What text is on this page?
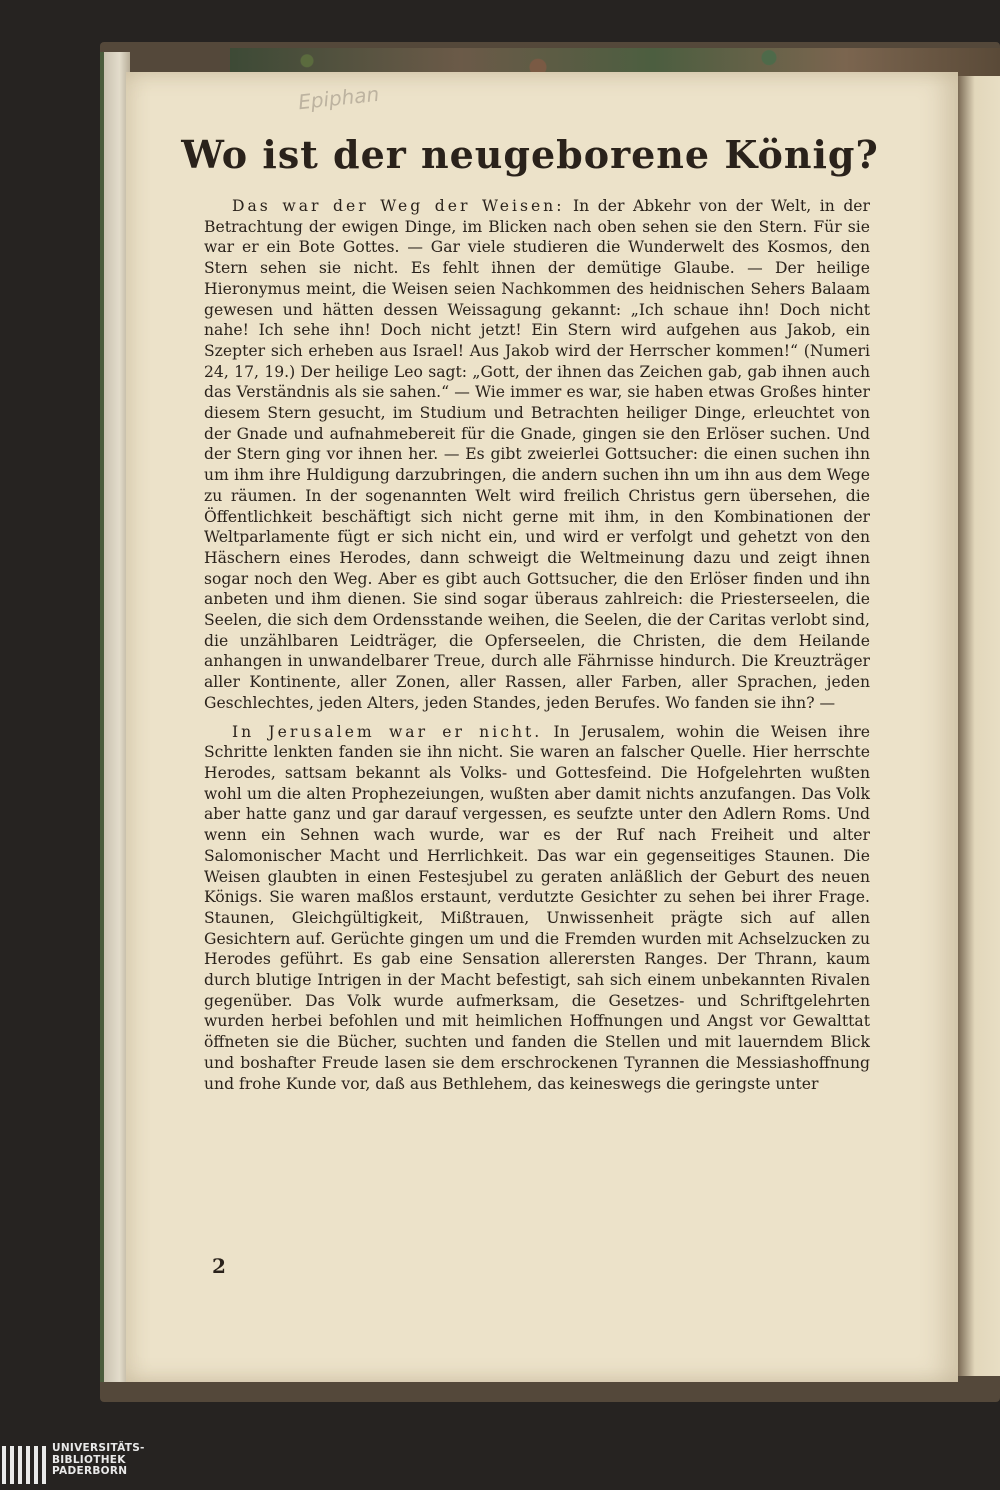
Epiphan
Wo ist der neugeborene König?

Das war der Weg der Weisen: In der Abkehr von der Welt, in der Betrachtung der ewigen Dinge, im Blicken nach oben sehen sie den Stern. Für sie war er ein Bote Gottes. — Gar viele studieren die Wunderwelt des Kosmos, den Stern sehen sie nicht. Es fehlt ihnen der demütige Glaube. — Der heilige Hieronymus meint, die Weisen seien Nachkommen des heidnischen Sehers Balaam gewesen und hätten dessen Weissagung gekannt: „Ich schaue ihn! Doch nicht nahe! Ich sehe ihn! Doch nicht jetzt! Ein Stern wird aufgehen aus Jakob, ein Szepter sich erheben aus Israel! Aus Jakob wird der Herrscher kommen!“ (Numeri 24, 17, 19.) Der heilige Leo sagt: „Gott, der ihnen das Zeichen gab, gab ihnen auch das Verständnis als sie sahen.“ — Wie immer es war, sie haben etwas Großes hinter diesem Stern gesucht, im Studium und Betrachten heiliger Dinge, erleuchtet von der Gnade und aufnahmebereit für die Gnade, gingen sie den Erlöser suchen. Und der Stern ging vor ihnen her. — Es gibt zweierlei Gottsucher: die einen suchen ihn um ihm ihre Huldigung darzubringen, die andern suchen ihn um ihn aus dem Wege zu räumen. In der sogenannten Welt wird freilich Christus gern übersehen, die Öffentlichkeit beschäftigt sich nicht gerne mit ihm, in den Kombinationen der Weltparlamente fügt er sich nicht ein, und wird er verfolgt und gehetzt von den Häschern eines Herodes, dann schweigt die Weltmeinung dazu und zeigt ihnen sogar noch den Weg. Aber es gibt auch Gottsucher, die den Erlöser finden und ihn anbeten und ihm dienen. Sie sind sogar überaus zahlreich: die Priesterseelen, die Seelen, die sich dem Ordensstande weihen, die Seelen, die der Caritas verlobt sind, die unzählbaren Leidträger, die Opferseelen, die Christen, die dem Heilande anhangen in unwandelbarer Treue, durch alle Fährnisse hindurch. Die Kreuzträger aller Kontinente, aller Zonen, aller Rassen, aller Farben, aller Sprachen, jeden Geschlechtes, jeden Alters, jeden Standes, jeden Berufes. Wo fanden sie ihn? —

In Jerusalem war er nicht. In Jerusalem, wohin die Weisen ihre Schritte lenkten fanden sie ihn nicht. Sie waren an falscher Quelle. Hier herrschte Herodes, sattsam bekannt als Volks- und Gottesfeind. Die Hofgelehrten wußten wohl um die alten Prophezeiungen, wußten aber damit nichts anzufangen. Das Volk aber hatte ganz und gar darauf vergessen, es seufzte unter den Adlern Roms. Und wenn ein Sehnen wach wurde, war es der Ruf nach Freiheit und alter Salomonischer Macht und Herrlichkeit. Das war ein gegenseitiges Staunen. Die Weisen glaubten in einen Festesjubel zu geraten anläßlich der Geburt des neuen Königs. Sie waren maßlos erstaunt, verdutzte Gesichter zu sehen bei ihrer Frage. Staunen, Gleichgültigkeit, Mißtrauen, Unwissenheit prägte sich auf allen Gesichtern auf. Gerüchte gingen um und die Fremden wurden mit Achselzucken zu Herodes geführt. Es gab eine Sensation allerersten Ranges. Der Thrann, kaum durch blutige Intrigen in der Macht befestigt, sah sich einem unbekannten Rivalen gegenüber. Das Volk wurde aufmerksam, die Gesetzes- und Schriftgelehrten wurden herbei befohlen und mit heimlichen Hoffnungen und Angst vor Gewalttat öffneten sie die Bücher, suchten und fanden die Stellen und mit lauerndem Blick und boshafter Freude lasen sie dem erschrockenen Tyrannen die Messiashoffnung und frohe Kunde vor, daß aus Bethlehem, das keineswegs die geringste unter

2
UNIVERSITÄTS-
BIBLIOTHEK
PADERBORN
